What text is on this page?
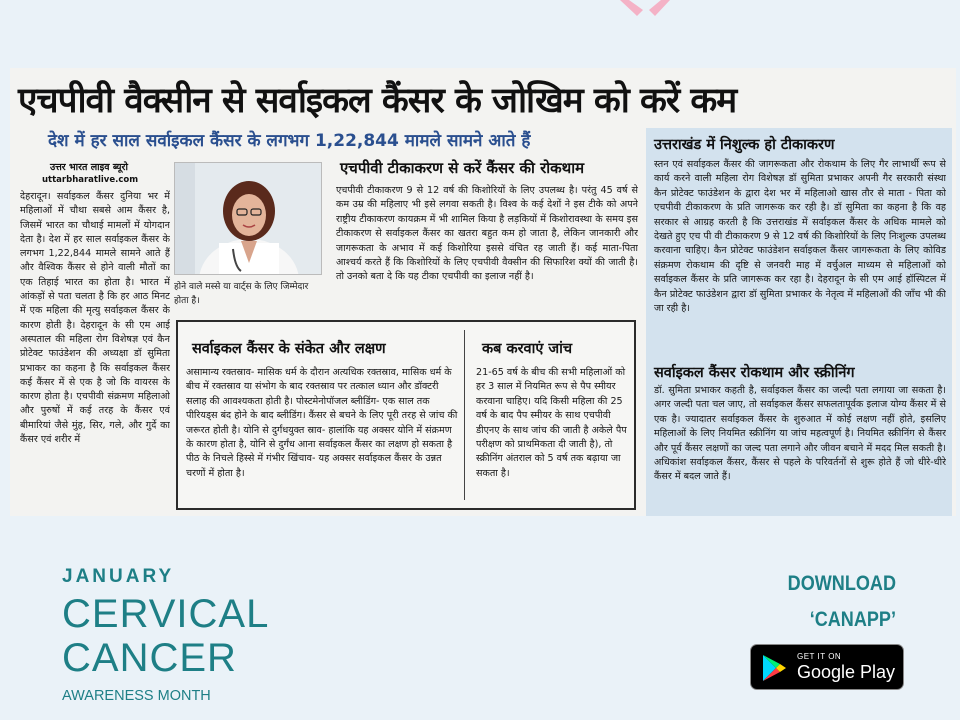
एचपीवी वैक्सीन से सर्वाइकल कैंसर के जोखिम को करें कम
देश में हर साल सर्वाइकल कैंसर के लगभग 1,22,844 मामले सामने आते हैं
उत्तर भारत लाइव ब्यूरो
uttarbharatlive.com
देहरादून। सर्वाइकल कैंसर दुनिया भर में महिलाओं में चौथा सबसे आम कैंसर है, जिसमें भारत का चौथाई मामलों में योगदान देता है। देश में हर साल सर्वाइकल कैंसर के लगभग 1,22,844 मामले सामने आते हैं और वैश्विक कैंसर से होने वाली मौतों का एक तिहाई भारत का होता है। भारत में आंकड़ों से पता चलता है कि हर आठ मिनट में एक महिला की मृत्यु सर्वाइकल कैंसर के कारण होती है। देहरादून के सी एम आई अस्पताल की महिला रोग विशेषज्ञ एवं कैन प्रोटेक्ट फाउंडेशन की अध्यक्षा डॉ सुमिता प्रभाकर का कहना है कि सर्वाइकल कैंसर कई कैंसर में से एक है जो कि वायरस के कारण होता है। एचपीवी संक्रमण महिलाओ और पुरुषों में कई तरह के कैंसर एवं बीमारियां जैसे मुंह, सिर, गले, और गुर्दे का कैंसर एवं शरीर में
होने वाले मस्से या वार्ट्स के लिए जिम्मेदार होता है।
एचपीवी टीकाकरण से करें कैंसर की रोकथाम
एचपीवी टीकाकरण 9 से 12 वर्ष की किशोरियों के लिए उपलब्ध है। परंतु 45 वर्ष से कम उम्र की महिलाए भी इसे लगवा सकती है। विश्व के कई देशों ने इस टीके को अपने राष्ट्रीय टीकाकरण कायक्रम में भी शामिल किया है लड़कियों में किशोरावस्था के समय इस टीकाकरण से सर्वाइकल कैंसर का खतरा बहुत कम हो जाता है, लेकिन जानकारी और जागरूकता के अभाव में कई किशोरिया इससे वंचित रह जाती हैं। कई माता-पिता आश्चर्य करते हैं कि किशोरियों के लिए एचपीवी वैक्सीन की सिफारिश क्यों की जाती है। तो उनको बता दे कि यह टीका एचपीवी का इलाज नहीं है।
सर्वाइकल कैंसर के संकेत और लक्षण
असामान्य रक्तस्राव- मासिक धर्म के दौरान अत्यधिक रक्तस्राव, मासिक धर्म के बीच में रक्तस्राव या संभोग के बाद रक्तस्राव पर तत्काल ध्यान और डॉक्टरी सलाह की आवश्यकता होती है। पोस्टमेनोपॉजल ब्लीडिंग- एक साल तक पीरियड्स बंद होने के बाद ब्लीडिंग। कैंसर से बचने के लिए पूरी तरह से जांच की जरूरत होती है। योनि से दुर्गंधयुक्त स्राव- हालांकि यह अक्सर योनि में संक्रमण के कारण होता है, योनि से दुर्गंध आना सर्वाइकल कैंसर का लक्षण हो सकता है पीठ के निचले हिस्से में गंभीर खिंचाव- यह अक्सर सर्वाइकल कैंसर के उन्नत चरणों में होता है।
कब करवाएं जांच
21-65 वर्ष के बीच की सभी महिलाओं को हर 3 साल में नियमित रूप से पैप स्मीयर करवाना चाहिए। यदि किसी महिला की 25 वर्ष के बाद पैप स्मीयर के साथ एचपीवी डीएनए के साथ जांच की जाती है अकेले पैप परीक्षण को प्राथमिकता दी जाती है), तो स्क्रीनिंग अंतराल को 5 वर्ष तक बढ़ाया जा सकता है।
उत्तराखंड में निशुल्क हो टीकाकरण
स्तन एवं सर्वाइकल कैंसर की जागरूकता और रोकथाम के लिए गैर लाभार्थी रूप से कार्य करने वाली महिला रोग विशेषज्ञ डॉ सुमिता प्रभाकर अपनी गैर सरकारी संस्था कैन प्रोटेक्ट फाउंडेशन के द्वारा देश भर में महिलाओ खास तौर से माता - पिता को एचपीवी टीकाकरण के प्रति जागरूक कर रही है। डॉ सुमिता का कहना है कि वह सरकार से आग्रह करती है कि उत्तराखंड में सर्वाइकल कैंसर के अधिक मामले को देखते हुए एच पी वी टीकाकरण 9 से 12 वर्ष की किशोरियों के लिए निःशुल्क उपलब्ध करवाना चाहिए। कैन प्रोटेक्ट फाउंडेशन सर्वाइकल कैंसर जागरूकता के लिए कोविड संक्रमण रोकथाम की दृष्टि से जनवरी माह में वर्चुअल माध्यम से महिलाओं को सर्वाइकल कैंसर के प्रति जागरूक कर रहा है। देहरादून के सी एम आई हॉस्पिटल में कैन प्रोटेक्ट फाउंडेशन द्वारा डॉ सुमिता प्रभाकर के नेतृत्व में महिलाओं की जाँच भी की जा रही है।
सर्वाइकल कैंसर रोकथाम और स्क्रीनिंग
डॉ. सुमिता प्रभाकर कहती है, सर्वाइकल कैंसर का जल्दी पता लगाया जा सकता है। अगर जल्दी पता चल जाए, तो सर्वाइकल कैंसर सफलतापूर्वक इलाज योग्य कैंसर में से एक है। ज्यादातर सर्वाइकल कैंसर के शुरुआत में कोई लक्षण नहीं होते, इसलिए महिलाओं के लिए नियमित स्क्रीनिंग या जांच महत्वपूर्ण है। नियमित स्क्रीनिंग से कैंसर और पूर्व कैंसर लक्षणों का जल्द पता लगाने और जीवन बचाने में मदद मिल सकती है। अधिकांश सर्वाइकल कैंसर, कैंसर से पहले के परिवर्तनों से शुरू होते हैं जो धीरे-धीरे कैंसर में बदल जाते हैं।
JANUARY
CERVICAL
CANCER
AWARENESS MONTH
DOWNLOAD
‘CANAPP’
GET IT ON
Google Play
